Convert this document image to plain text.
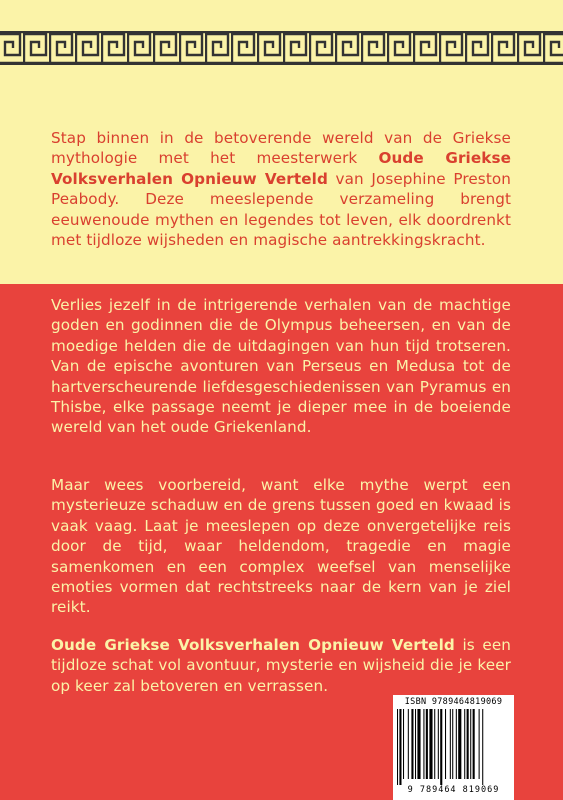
Stap binnen in de betoverende wereld van de Griekse mythologie met het meesterwerk Oude Griekse Volksverhalen Opnieuw Verteld van Josephine Preston Peabody. Deze meeslepende verzameling brengt eeuwenoude mythen en legendes tot leven, elk doordrenkt met tijdloze wijsheden en magische aantrekkingskracht.

Verlies jezelf in de intrigerende verhalen van de machtige goden en godinnen die de Olympus beheersen, en van de moedige helden die de uitdagingen van hun tijd trotseren. Van de epische avonturen van Perseus en Medusa tot de hartverscheurende liefdesgeschiedenissen van Pyramus en Thisbe, elke passage neemt je dieper mee in de boeiende wereld van het oude Griekenland.

Maar wees voorbereid, want elke mythe werpt een mysterieuze schaduw en de grens tussen goed en kwaad is vaak vaag. Laat je meeslepen op deze onvergetelijke reis door de tijd, waar heldendom, tragedie en magie samenkomen en een complex weefsel van menselijke emoties vormen dat rechtstreeks naar de kern van je ziel reikt.

Oude Griekse Volksverhalen Opnieuw Verteld is een tijdloze schat vol avontuur, mysterie en wijsheid die je keer op keer zal betoveren en verrassen.

ISBN 9789464819069
9 789464 819069
